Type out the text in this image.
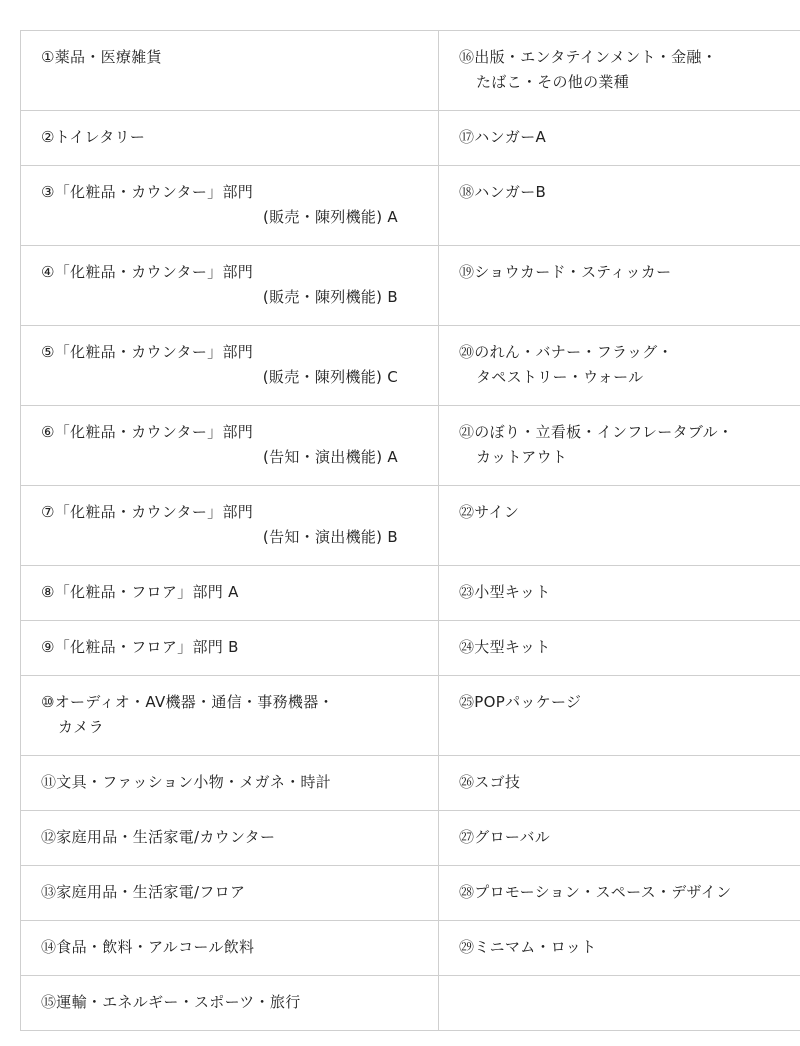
①薬品・医療雑貨	⑯出版・エンタテインメント・金融・
たばこ・その他の業種

②トイレタリー	⑰ハンガーA

③「化粧品・カウンター」部門
(販売・陳列機能) A	⑱ハンガーB

④「化粧品・カウンター」部門
(販売・陳列機能) B	⑲ショウカード・スティッカー

⑤「化粧品・カウンター」部門
(販売・陳列機能) C	⑳のれん・バナー・フラッグ・
タペストリー・ウォール

⑥「化粧品・カウンター」部門
(告知・演出機能) A	㉑のぼり・立看板・インフレータブル・
カットアウト

⑦「化粧品・カウンター」部門
(告知・演出機能) B	㉒サイン

⑧「化粧品・フロア」部門 A	㉓小型キット

⑨「化粧品・フロア」部門 B	㉔大型キット

⑩オーディオ・AV機器・通信・事務機器・
カメラ	㉕POPパッケージ

⑪文具・ファッション小物・メガネ・時計	㉖スゴ技

⑫家庭用品・生活家電/カウンター	㉗グローバル

⑬家庭用品・生活家電/フロア	㉘プロモーション・スペース・デザイン

⑭食品・飲料・アルコール飲料	㉙ミニマム・ロット

⑮運輸・エネルギー・スポーツ・旅行	
